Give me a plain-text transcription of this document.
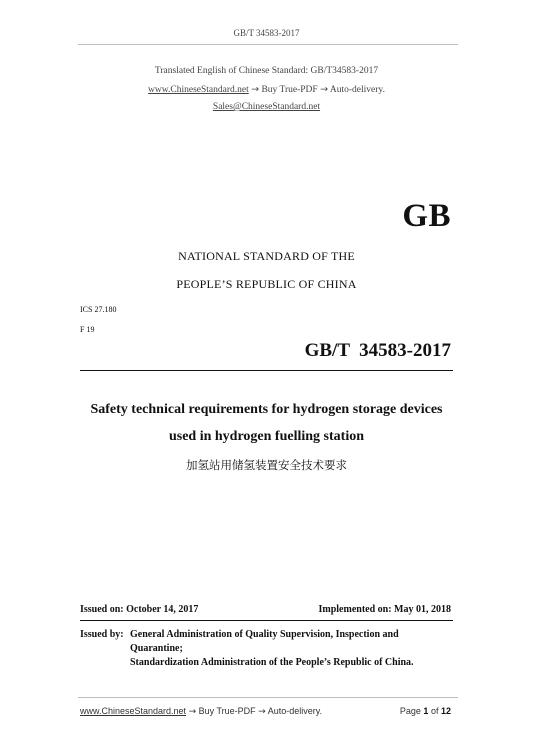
GB/T 34583-2017
Translated English of Chinese Standard: GB/T34583-2017
www.ChineseStandard.net → Buy True-PDF → Auto-delivery.
Sales@ChineseStandard.net
GB
NATIONAL STANDARD OF THE
PEOPLE’S REPUBLIC OF CHINA
ICS 27.180
F 19
GB/T  34583-2017
Safety technical requirements for hydrogen storage devices
used in hydrogen fuelling station
加氢站用储氢装置安全技术要求
Issued on: October 14, 2017	Implemented on: May 01, 2018
Issued by: General Administration of Quality Supervision, Inspection and
Quarantine;
Standardization Administration of the People’s Republic of China.
www.ChineseStandard.net → Buy True-PDF → Auto-delivery.	Page 1 of 12
